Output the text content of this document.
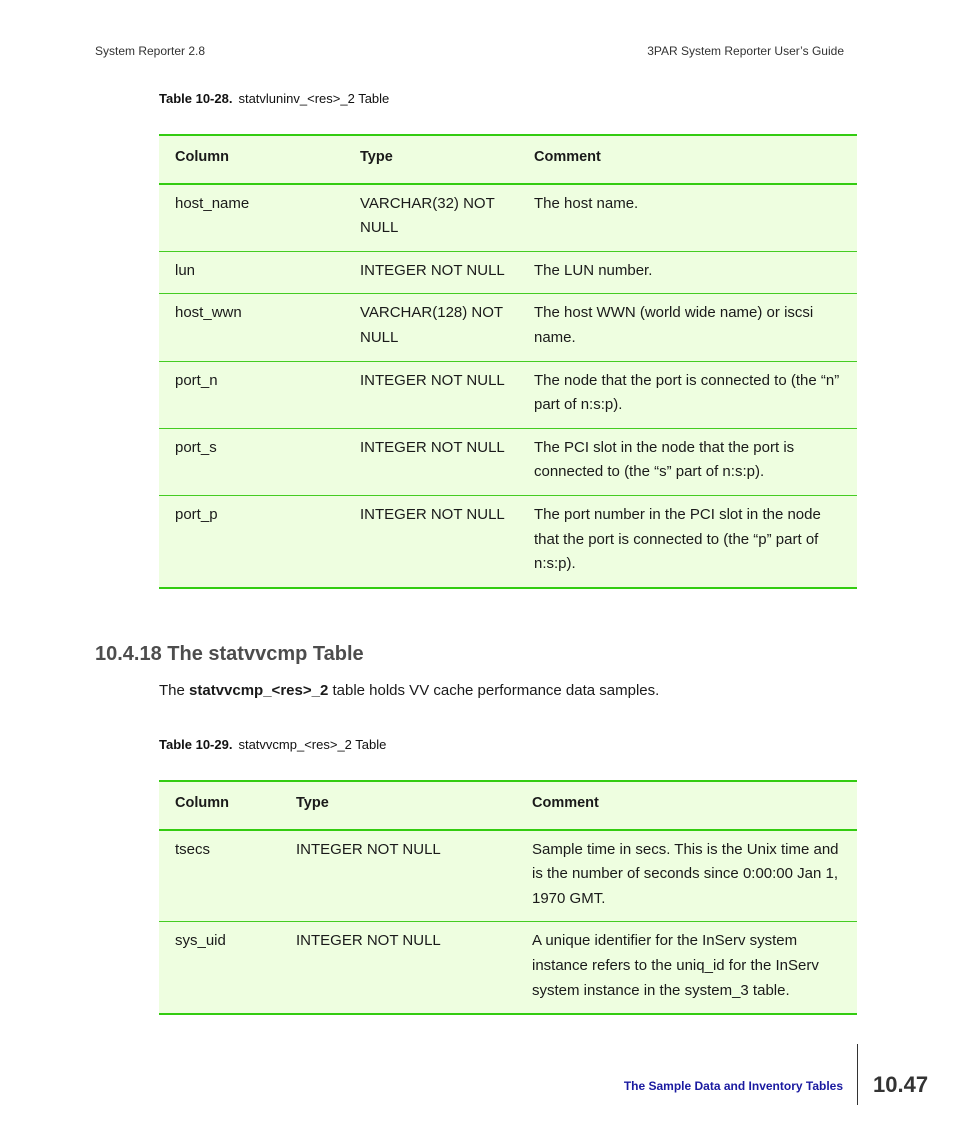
System Reporter 2.8	3PAR System Reporter User’s Guide
Table 10-28. statvluninv_<res>_2 Table
Column	Type	Comment
host_name	VARCHAR(32) NOT NULL	The host name.
lun	INTEGER NOT NULL	The LUN number.
host_wwn	VARCHAR(128) NOT NULL	The host WWN (world wide name) or iscsi name.
port_n	INTEGER NOT NULL	The node that the port is connected to (the “n” part of n:s:p).
port_s	INTEGER NOT NULL	The PCI slot in the node that the port is connected to (the “s” part of n:s:p).
port_p	INTEGER NOT NULL	The port number in the PCI slot in the node that the port is connected to (the “p” part of n:s:p).
10.4.18 The statvvcmp Table

The statvvcmp_<res>_2 table holds VV cache performance data samples.

Table 10-29. statvvcmp_<res>_2 Table
Column	Type	Comment
tsecs	INTEGER NOT NULL	Sample time in secs. This is the Unix time and is the number of seconds since 0:00:00 Jan 1, 1970 GMT.
sys_uid	INTEGER NOT NULL	A unique identifier for the InServ system instance refers to the uniq_id for the InServ system instance in the system_3 table.
The Sample Data and Inventory Tables 10.47
